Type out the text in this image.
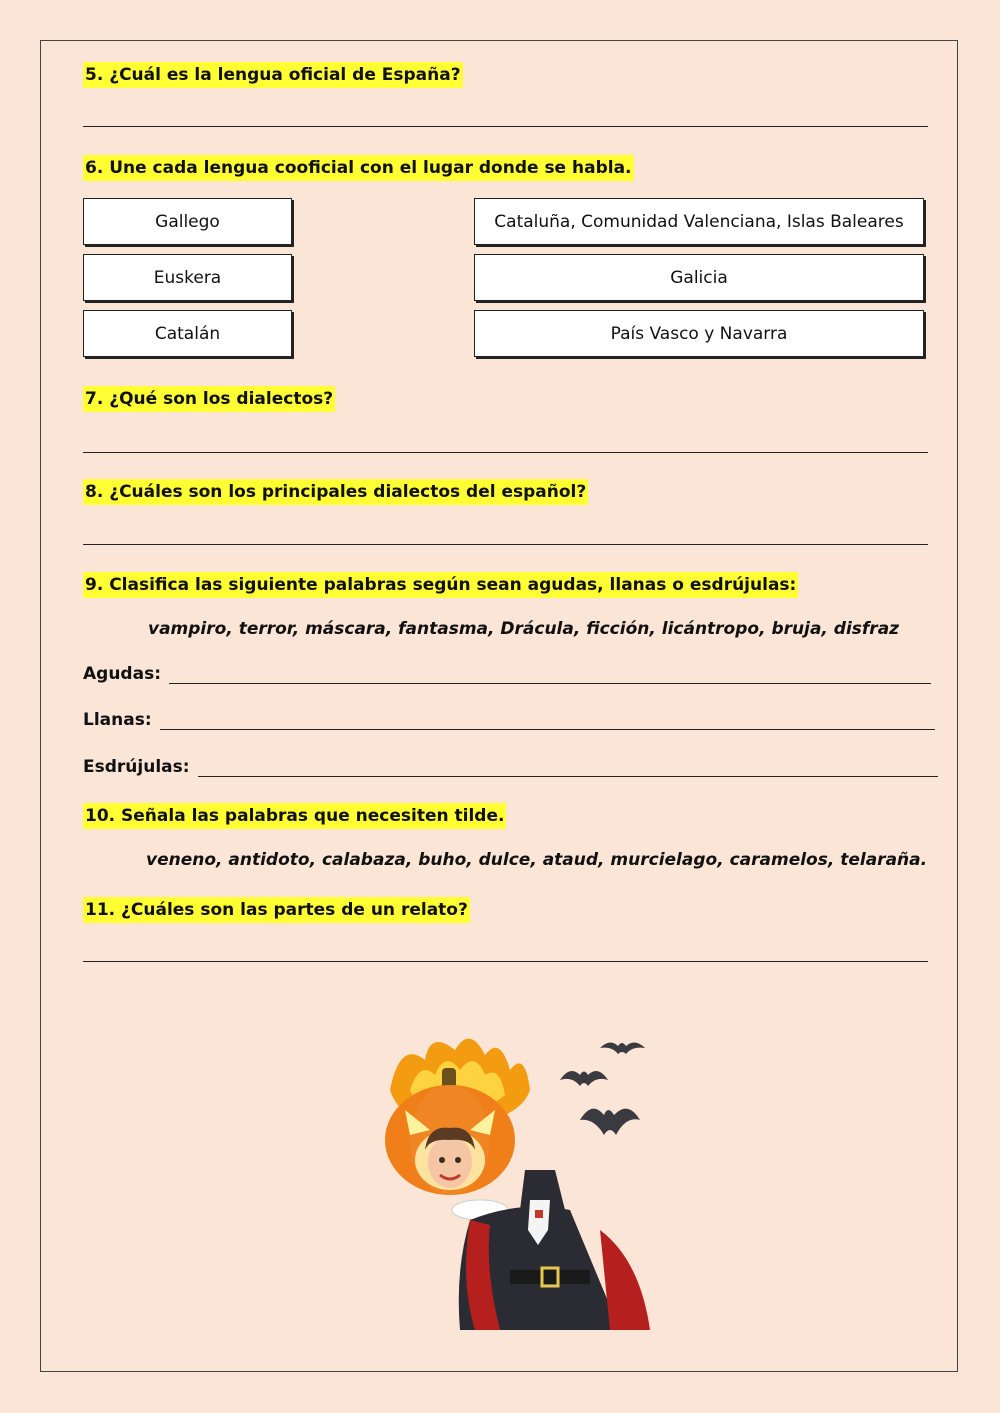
5. ¿Cuál es la lengua oficial de España?
6. Une cada lengua cooficial con el lugar donde se habla.
Gallego
Euskera
Catalán
Cataluña, Comunidad Valenciana, Islas Baleares
Galicia
País Vasco y Navarra
7. ¿Qué son los dialectos?
8. ¿Cuáles son los principales dialectos del español?
9. Clasifica las siguiente palabras según sean agudas, llanas o esdrújulas:
vampiro, terror, máscara, fantasma, Drácula, ficción, licántropo, bruja, disfraz
Agudas:
Llanas:
Esdrújulas:
10. Señala las palabras que necesiten tilde.
veneno, antidoto, calabaza, buho, dulce, ataud, murcielago, caramelos, telaraña.
11. ¿Cuáles son las partes de un relato?
